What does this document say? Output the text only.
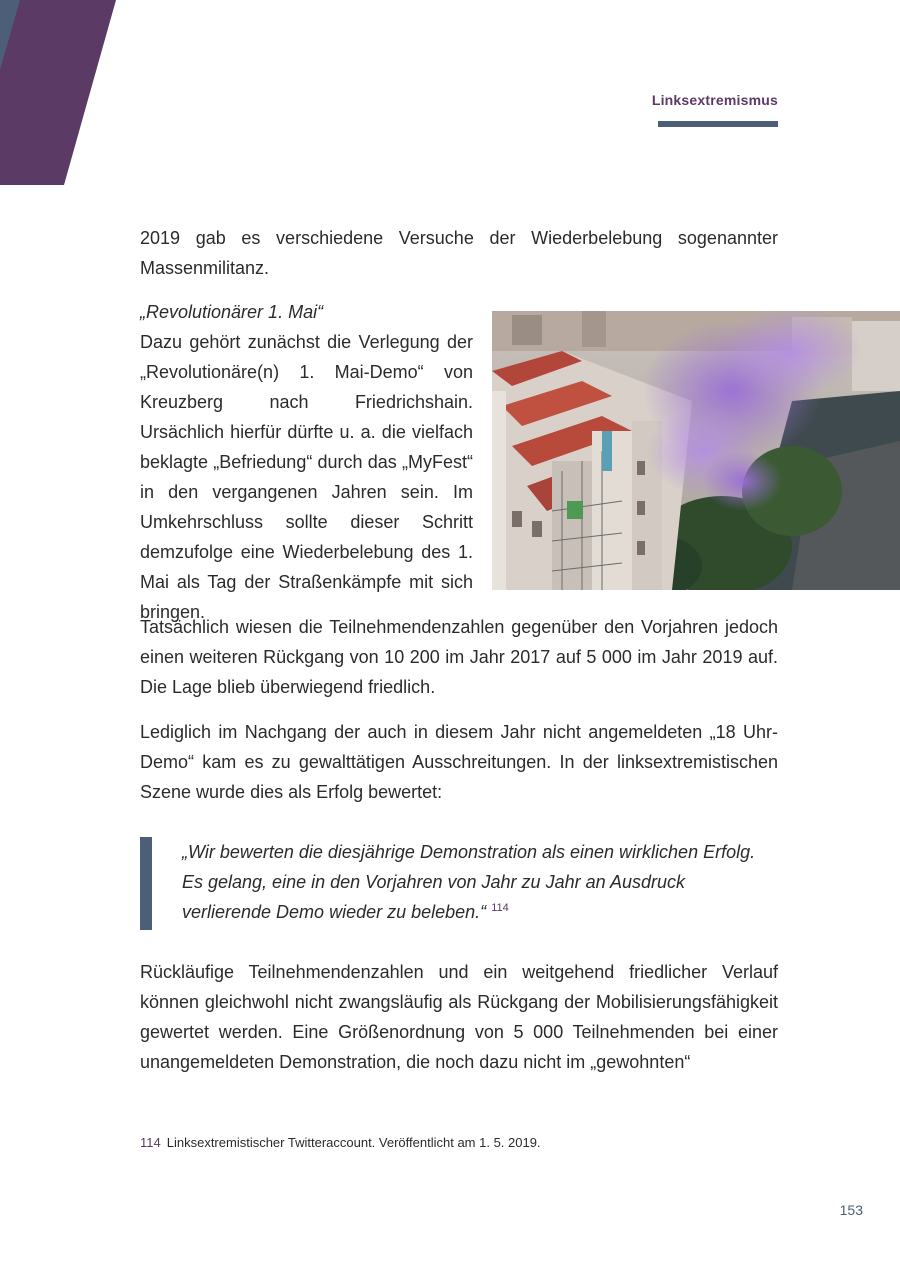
Linksextremismus

2019 gab es verschiedene Versuche der Wiederbelebung sogenannter Massenmilitanz.

„Revolutionärer 1. Mai“

Dazu gehört zunächst die Verlegung der „Revolutionäre(n) 1. Mai-Demo“ von Kreuzberg nach Friedrichshain. Ursächlich hierfür dürfte u. a. die vielfach beklagte „Befriedung“ durch das „MyFest“ in den vergangenen Jahren sein. Im Umkehrschluss sollte dieser Schritt demzufolge eine Wiederbelebung des 1. Mai als Tag der Straßenkämpfe mit sich bringen.

Tatsächlich wiesen die Teilnehmendenzahlen gegenüber den Vorjahren jedoch einen weiteren Rückgang von 10 200 im Jahr 2017 auf 5 000 im Jahr 2019 auf. Die Lage blieb überwiegend friedlich.

Lediglich im Nachgang der auch in diesem Jahr nicht angemeldeten „18 Uhr-Demo“ kam es zu gewalttätigen Ausschreitungen. In der linksextremistischen Szene wurde dies als Erfolg bewertet:

„Wir bewerten die diesjährige Demonstration als einen wirklichen Erfolg. Es gelang, eine in den Vorjahren von Jahr zu Jahr an Ausdruck verlierende Demo wieder zu beleben.“ $^{114}$

Rückläufige Teilnehmendenzahlen und ein weitgehend friedlicher Verlauf können gleichwohl nicht zwangsläufig als Rückgang der Mobilisierungsfähigkeit gewertet werden. Eine Größenordnung von 5 000 Teilnehmenden bei einer unangemeldeten Demonstration, die noch dazu nicht im „gewohnten“

114 Linksextremistischer Twitteraccount. Veröffentlicht am 1. 5. 2019.
153
